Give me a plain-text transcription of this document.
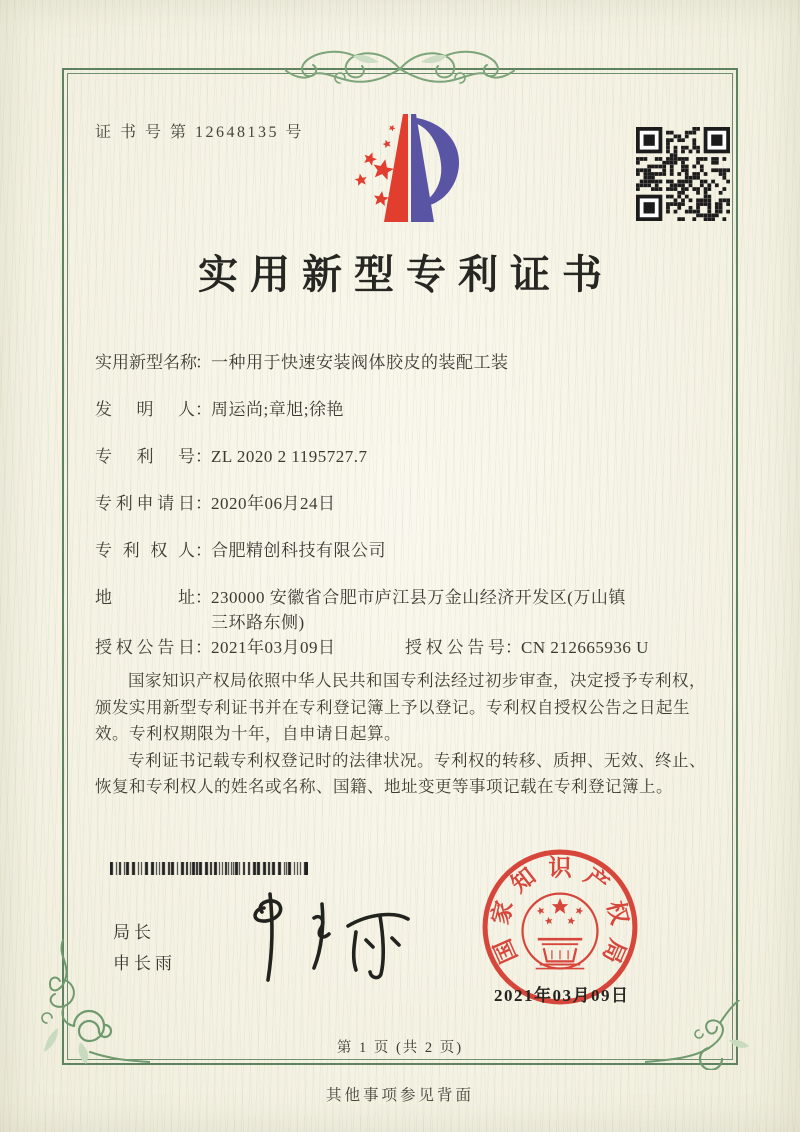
证 书 号 第 12648135 号
实用新型专利证书
实用新型名称：一种用于快速安装阀体胶皮的装配工装
发明人：周运尚;章旭;徐艳
专利号：ZL 2020 2 1195727.7
专利申请日：2020年06月24日
专利权人：合肥精创科技有限公司
地址：230000 安徽省合肥市庐江县万金山经济开发区(万山镇三环路东侧)
授权公告日：2021年03月09日	授权公告号：CN 212665936 U

国家知识产权局依照中华人民共和国专利法经过初步审查，决定授予专利权，颁发实用新型专利证书并在专利登记簿上予以登记。专利权自授权公告之日起生效。专利权期限为十年，自申请日起算。

专利证书记载专利权登记时的法律状况。专利权的转移、质押、无效、终止、恢复和专利权人的姓名或名称、国籍、地址变更等事项记载在专利登记簿上。

局长
申长雨	国
家
知 识 产
权
局
2021年03月09日
第 1 页 (共 2 页)
其他事项参见背面
